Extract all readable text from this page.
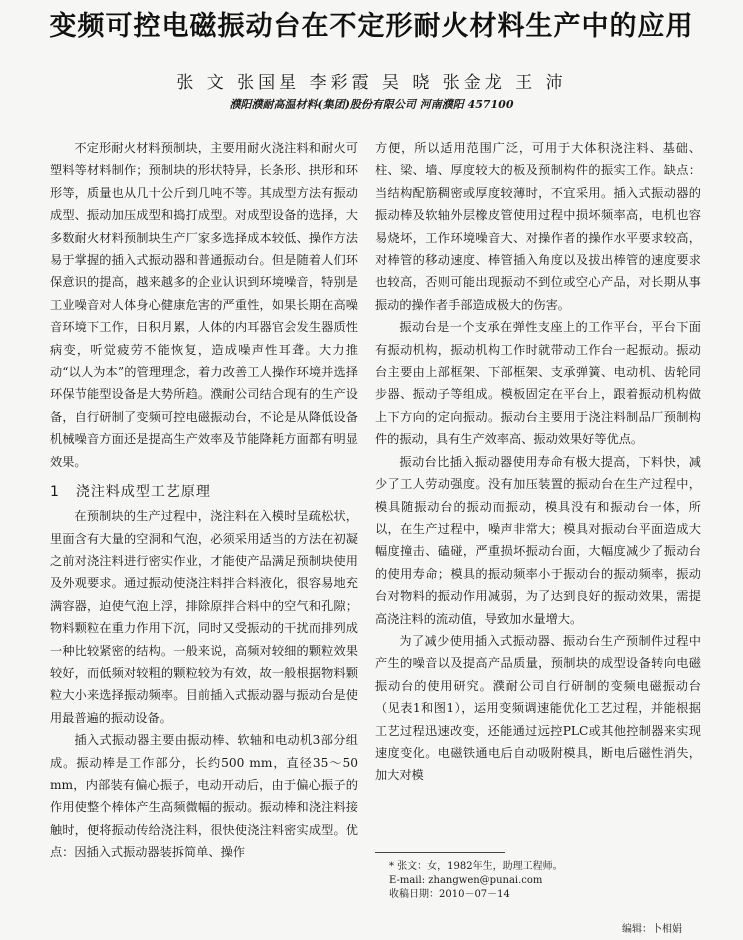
变频可控电磁振动台在不定形耐火材料生产中的应用
张 文 张国星 李彩霞 吴 晓 张金龙 王 沛
濮阳濮耐高温材料(集团)股份有限公司 河南濮阳 457100

不定形耐火材料预制块，主要用耐火浇注料和耐火可塑料等材料制作；预制块的形状特异，长条形、拱形和环形等，质量也从几十公斤到几吨不等。其成型方法有振动成型、振动加压成型和捣打成型。对成型设备的选择，大多数耐火材料预制块生产厂家多选择成本较低、操作方法易于掌握的插入式振动器和普通振动台。但是随着人们环保意识的提高，越来越多的企业认识到环境噪音，特别是工业噪音对人体身心健康危害的严重性，如果长期在高噪音环境下工作，日积月累，人体的内耳器官会发生器质性病变，听觉疲劳不能恢复，造成噪声性耳聋。大力推动“以人为本”的管理理念，着力改善工人操作环境并选择环保节能型设备是大势所趋。濮耐公司结合现有的生产设备，自行研制了变频可控电磁振动台，不论是从降低设备机械噪音方面还是提高生产效率及节能降耗方面都有明显效果。

1 浇注料成型工艺原理

在预制块的生产过程中，浇注料在入模时呈疏松状，里面含有大量的空洞和气泡，必须采用适当的方法在初凝之前对浇注料进行密实作业，才能使产品满足预制块使用及外观要求。通过振动使浇注料拌合料液化，很容易地充满容器，迫使气泡上浮，排除原拌合料中的空气和孔隙；物料颗粒在重力作用下沉，同时又受振动的干扰而排列成一种比较紧密的结构。一般来说，高频对较细的颗粒效果较好，而低频对较粗的颗粒较为有效，故一般根据物料颗粒大小来选择振动频率。目前插入式振动器与振动台是使用最普遍的振动设备。

插入式振动器主要由振动棒、软轴和电动机3部分组成。振动棒是工作部分，长约500 mm，直径35～50 mm，内部装有偏心振子，电动开动后，由于偏心振子的作用使整个棒体产生高频微幅的振动。振动棒和浇注料接触时，便将振动传给浇注料，很快使浇注料密实成型。优点：因插入式振动器装拆简单、操作

方便，所以适用范围广泛，可用于大体积浇注料、基础、柱、梁、墙、厚度较大的板及预制构件的振实工作。缺点：当结构配筋稠密或厚度较薄时，不宜采用。插入式振动器的振动棒及软轴外层橡皮管使用过程中损坏频率高，电机也容易烧坏，工作环境噪音大、对操作者的操作水平要求较高，对棒管的移动速度、棒管插入角度以及拔出棒管的速度要求也较高，否则可能出现振动不到位或空心产品，对长期从事振动的操作者手部造成极大的伤害。

振动台是一个支承在弹性支座上的工作平台，平台下面有振动机构，振动机构工作时就带动工作台一起振动。振动台主要由上部框架、下部框架、支承弹簧、电动机、齿轮同步器、振动子等组成。模板固定在平台上，跟着振动机构做上下方向的定向振动。振动台主要用于浇注料制品厂预制构件的振动，具有生产效率高、振动效果好等优点。

振动台比插入振动器使用寿命有极大提高，下料快，减少了工人劳动强度。没有加压装置的振动台在生产过程中，模具随振动台的振动而振动，模具没有和振动台一体，所以，在生产过程中，噪声非常大；模具对振动台平面造成大幅度撞击、磕碰，严重损坏振动台面，大幅度减少了振动台的使用寿命；模具的振动频率小于振动台的振动频率，振动台对物料的振动作用减弱，为了达到良好的振动效果，需提高浇注料的流动值，导致加水量增大。

为了减少使用插入式振动器、振动台生产预制件过程中产生的噪音以及提高产品质量，预制块的成型设备转向电磁振动台的使用研究。濮耐公司自行研制的变频电磁振动台（见表1和图1），运用变频调速能优化工艺过程，并能根据工艺过程迅速改变，还能通过远控PLC或其他控制器来实现速度变化。电磁铁通电后自动吸附模具，断电后磁性消失，加大对模

* 张文：女，1982年生，助理工程师。
E-mail: zhangwen@punai.com
收稿日期：2010－07－14
编辑：卜相娟
